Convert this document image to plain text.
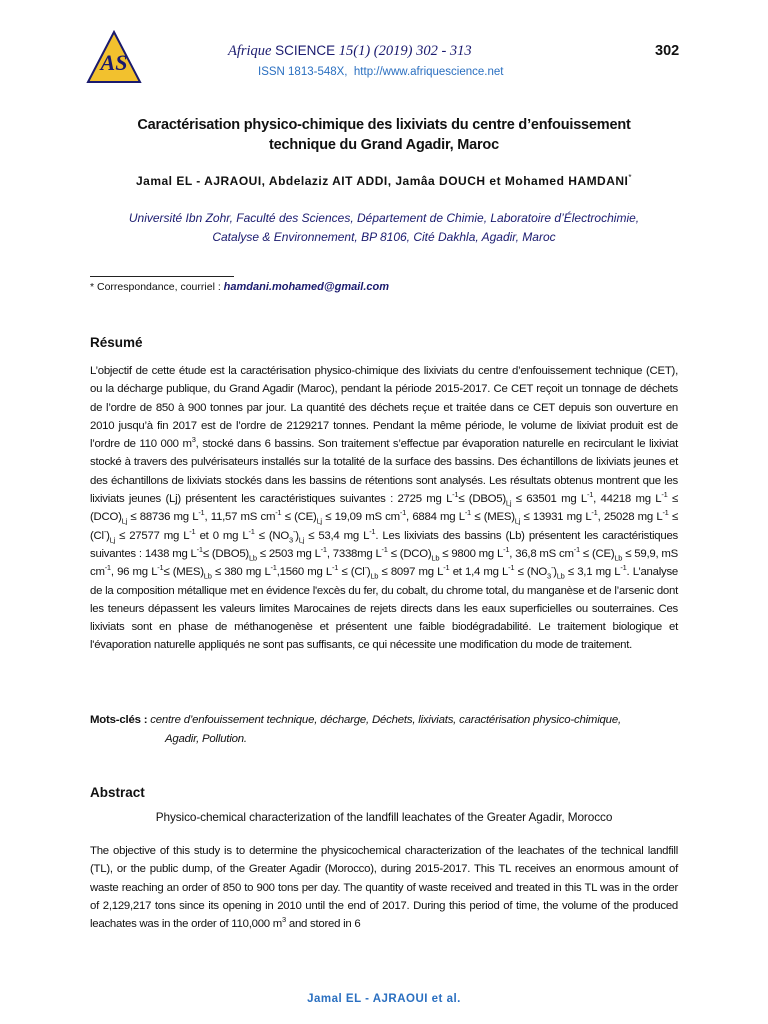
AS	Afrique SCIENCE 15(1) (2019) 302 - 313	302
ISSN 1813-548X, http://www.afriquescience.net
Caractérisation physico-chimique des lixiviats du centre d’enfouissement
technique du Grand Agadir, Maroc
Jamal EL - AJRAOUI, Abdelaziz AIT ADDI, Jamâa DOUCH et Mohamed HAMDANI*
Université Ibn Zohr, Faculté des Sciences, Département de Chimie, Laboratoire d’Électrochimie,
Catalyse & Environnement, BP 8106, Cité Dakhla, Agadir, Maroc
* Correspondance, courriel : hamdani.mohamed@gmail.com
Résumé
L’objectif de cette étude est la caractérisation physico-chimique des lixiviats du centre d’enfouissement technique (CET), ou la décharge publique, du Grand Agadir (Maroc), pendant la période 2015-2017. Ce CET reçoit un tonnage de déchets de l’ordre de 850 à 900 tonnes par jour. La quantité des déchets reçue et traitée dans ce CET depuis son ouverture en 2010 jusqu’à fin 2017 est de l’ordre de 2129217 tonnes. Pendant la même période, le volume de lixiviat produit est de l’ordre de 110 000 $m^3$, stocké dans 6 bassins. Son traitement s’effectue par évaporation naturelle en recirculant le lixiviat stocké à travers des pulvérisateurs installés sur la totalité de la surface des bassins. Des échantillons de lixiviats jeunes et des échantillons de lixiviats stockés dans les bassins de rétentions sont analysés. Les résultats obtenus montrent que les lixiviats jeunes (Lj) présentent les caractéristiques suivantes : 2725 mg $L^{-1}\le (DBO5)_{Lj} \le 63501$ mg $L^{-1}$, 44218 mg $L^{-1} \le (DCO)_{Lj} \le 88736$ mg $L^{-1}$, 11,57 mS $cm^{-1} \le (CE)_{Lj} \le 19,09$ mS $cm^{-1}$, 6884 mg $L^{-1} \le (MES)_{Lj} \le 13931$ mg $L^{-1}$, 25028 mg $L^{-1} \le (Cl^-)_{Lj} \le 27577$ mg $L^{-1}$ et 0 mg $L^{-1} \le (NO_3^-)_{Lj} \le 53,4$ mg $L^{-1}$. Les lixiviats des bassins (Lb) présentent les caractéristiques suivantes : 1438 mg $L^{-1}\le (DBO5)_{Lb} \le 2503$ mg $L^{-1}$, 7338mg $L^{-1} \le (DCO)_{Lb} \le 9800$ mg $L^{-1}$, 36,8 mS $cm^{-1} \le (CE)_{Lb} \le 59,9$, mS $cm^{-1}$, 96 mg $L^{-1}\le (MES)_{Lb} \le 380$ mg $L^{-1},1560$ mg $L^{-1} \le (Cl^-)_{Lb} \le 8097$ mg $L^{-1}$ et 1,4 mg $L^{-1} \le (NO_3^-)_{Lb} \le 3,1$ mg $L^{-1}$. L’analyse de la composition métallique met en évidence l'excès du fer, du cobalt, du chrome total, du manganèse et de l’arsenic dont les teneurs dépassent les valeurs limites Marocaines de rejets directs dans les eaux superficielles ou souterraines. Ces lixiviats sont en phase de méthanogenèse et présentent une faible biodégradabilité. Le traitement biologique et l'évaporation naturelle appliqués ne sont pas suffisants, ce qui nécessite une modification du mode de traitement.
Mots-clés : centre d’enfouissement technique, décharge, Déchets, lixiviats, caractérisation physico-chimique,
Agadir, Pollution.
Abstract
Physico-chemical characterization of the landfill leachates of the Greater Agadir, Morocco
The objective of this study is to determine the physicochemical characterization of the leachates of the technical landfill (TL), or the public dump, of the Greater Agadir (Morocco), during 2015-2017. This TL receives an enormous amount of waste reaching an order of 850 to 900 tons per day. The quantity of waste received and treated in this TL was in the order of 2,129,217 tons since its opening in 2010 until the end of 2017. During this period of time, the volume of the produced leachates was in the order of 110,000 $m^3$ and stored in 6
Jamal EL - AJRAOUI et al.
